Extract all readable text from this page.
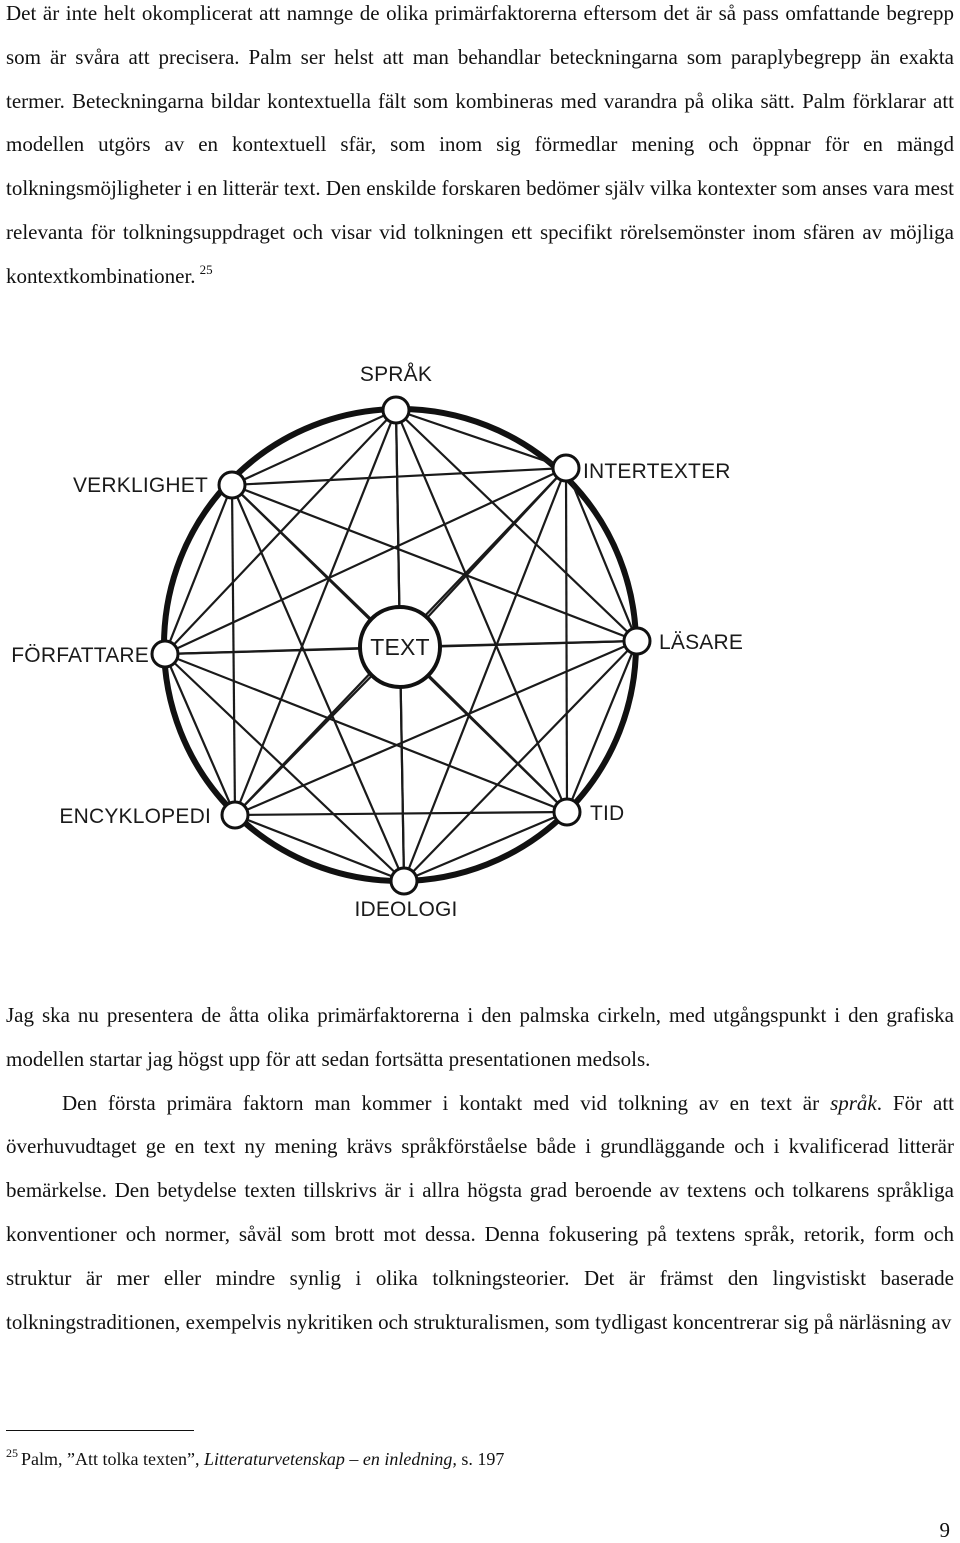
Det är inte helt okomplicerat att namnge de olika primärfaktorerna eftersom det är så pass omfattande begrepp som är svåra att precisera. Palm ser helst att man behandlar beteckningarna som paraplybegrepp än exakta termer. Beteckningarna bildar kontextuella fält som kombineras med varandra på olika sätt. Palm förklarar att modellen utgörs av en kontextuell sfär, som inom sig förmedlar mening och öppnar för en mängd tolkningsmöjligheter i en litterär text. Den enskilde forskaren bedömer själv vilka kontexter som anses vara mest relevanta för tolkningsuppdraget och visar vid tolkningen ett specifikt rörelsemönster inom sfären av möjliga kontextkombinationer. $^{25}$

TEXT
SPRÅK
INTERTEXTER
LÄSARE
TID
IDEOLOGI
ENCYKLOPEDI
FÖRFATTARE
VERKLIGHET

Jag ska nu presentera de åtta olika primärfaktorerna i den palmska cirkeln, med utgångspunkt i den grafiska modellen startar jag högst upp för att sedan fortsätta presentationen medsols.
Den första primära faktorn man kommer i kontakt med vid tolkning av en text är språk. För att överhuvudtaget ge en text ny mening krävs språkförståelse både i grundläggande och i kvalificerad litterär bemärkelse. Den betydelse texten tillskrivs är i allra högsta grad beroende av textens och tolkarens språkliga konventioner och normer, såväl som brott mot dessa. Denna fokusering på textens språk, retorik, form och struktur är mer eller mindre synlig i olika tolkningsteorier. Det är främst den lingvistiskt baserade tolkningstraditionen, exempelvis nykritiken och strukturalismen, som tydligast koncentrerar sig på närläsning av

$^{25}$ Palm, ”Att tolka texten”, Litteraturvetenskap – en inledning, s. 197

9
